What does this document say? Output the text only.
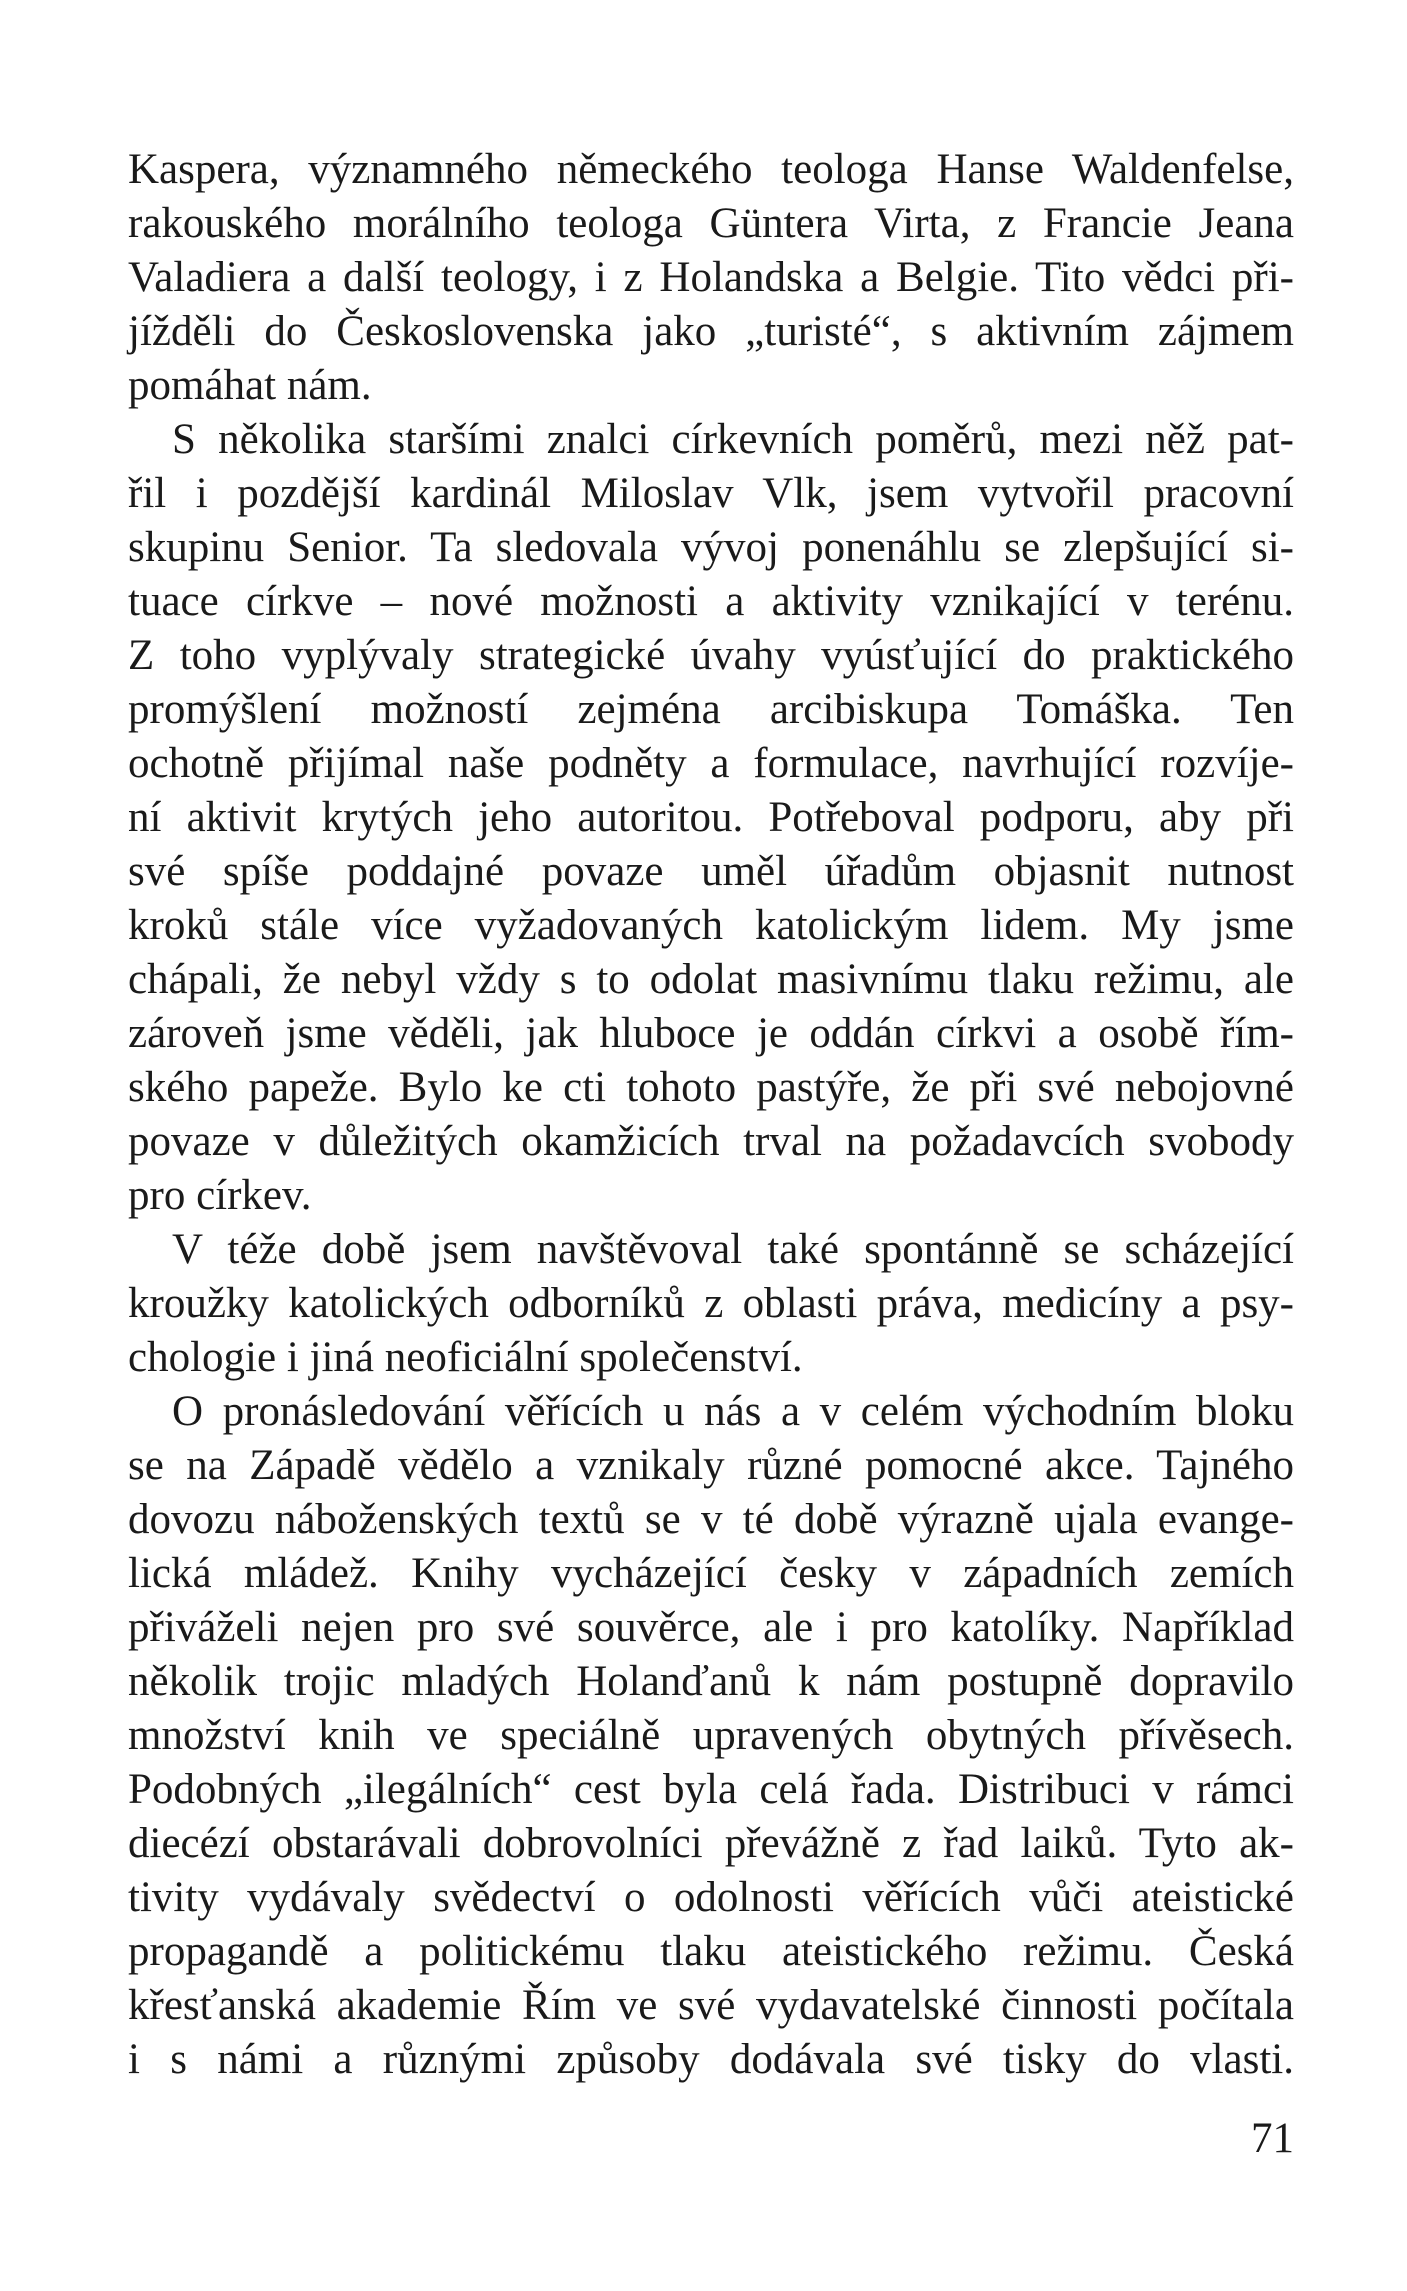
Kaspera, významného německého teologa Hanse Waldenfelse,
rakouského morálního teologa Güntera Virta, z Francie Jeana
Valadiera a další teology, i z Holandska a Belgie. Tito vědci při-
jížděli do Československa jako „turisté“, s aktivním zájmem
pomáhat nám.

S několika staršími znalci církevních poměrů, mezi něž pat-
řil i pozdější kardinál Miloslav Vlk, jsem vytvořil pracovní
skupinu Senior. Ta sledovala vývoj ponenáhlu se zlepšující si-
tuace církve – nové možnosti a aktivity vznikající v terénu.
Z toho vyplývaly strategické úvahy vyúsťující do praktického
promýšlení možností zejména arcibiskupa Tomáška. Ten
ochotně přijímal naše podněty a formulace, navrhující rozvíje-
ní aktivit krytých jeho autoritou. Potřeboval podporu, aby při
své spíše poddajné povaze uměl úřadům objasnit nutnost
kroků stále více vyžadovaných katolickým lidem. My jsme
chápali, že nebyl vždy s to odolat masivnímu tlaku režimu, ale
zároveň jsme věděli, jak hluboce je oddán církvi a osobě řím-
ského papeže. Bylo ke cti tohoto pastýře, že při své nebojovné
povaze v důležitých okamžicích trval na požadavcích svobody
pro církev.

V téže době jsem navštěvoval také spontánně se scházející
kroužky katolických odborníků z oblasti práva, medicíny a psy-
chologie i jiná neoficiální společenství.

O pronásledování věřících u nás a v celém východním bloku
se na Západě vědělo a vznikaly různé pomocné akce. Tajného
dovozu náboženských textů se v té době výrazně ujala evange-
lická mládež. Knihy vycházející česky v západních zemích
přiváželi nejen pro své souvěrce, ale i pro katolíky. Například
několik trojic mladých Holanďanů k nám postupně dopravilo
množství knih ve speciálně upravených obytných přívěsech.
Podobných „ilegálních“ cest byla celá řada. Distribuci v rámci
diecézí obstarávali dobrovolníci převážně z řad laiků. Tyto ak-
tivity vydávaly svědectví o odolnosti věřících vůči ateistické
propagandě a politickému tlaku ateistického režimu. Česká
křesťanská akademie Řím ve své vydavatelské činnosti počítala
i s námi a různými způsoby dodávala své tisky do vlasti.

71
